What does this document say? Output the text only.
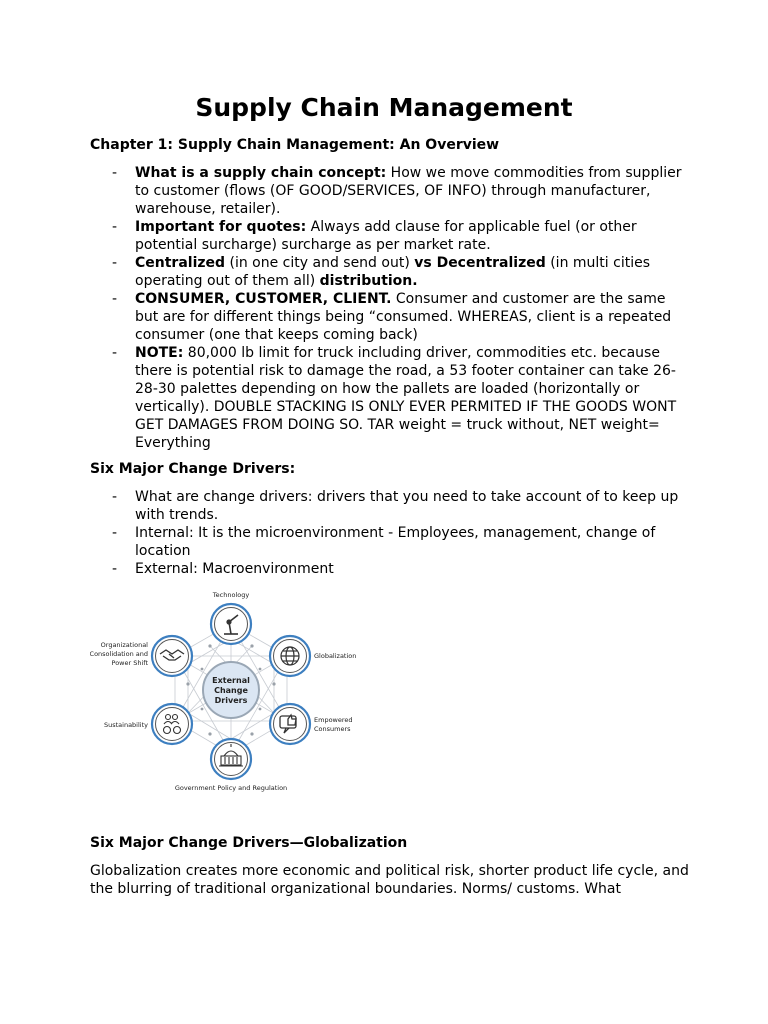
Supply Chain Management
Chapter 1: Supply Chain Management: An Overview
- What is a supply chain concept: How we move commodities from supplier to customer (flows (OF GOOD/SERVICES, OF INFO) through manufacturer, warehouse, retailer).
- Important for quotes: Always add clause for applicable fuel (or other potential surcharge) surcharge as per market rate.
- Centralized (in one city and send out) vs Decentralized (in multi cities operating out of them all) distribution.
- CONSUMER, CUSTOMER, CLIENT. Consumer and customer are the same but are for different things being “consumed. WHEREAS, client is a repeated consumer (one that keeps coming back)
- NOTE: 80,000 lb limit for truck including driver, commodities etc. because there is potential risk to damage the road, a 53 footer container can take 26-28-30 palettes depending on how the pallets are loaded (horizontally or vertically). DOUBLE STACKING IS ONLY EVER PERMITED IF THE GOODS WONT GET DAMAGES FROM DOING SO. TAR weight = truck without, NET weight= Everything
Six Major Change Drivers:
- What are change drivers: drivers that you need to take account of to keep up with trends.
- Internal: It is the microenvironment - Employees, management, change of location
- External: Macroenvironment
External
Change
Drivers
Technology
Globalization
Empowered
Consumers
Government Policy and Regulation
Sustainability
Organizational
Consolidation and
Power Shift
Six Major Change Drivers—Globalization

Globalization creates more economic and political risk, shorter product life cycle, and the blurring of traditional organizational boundaries. Norms/ customs. What
